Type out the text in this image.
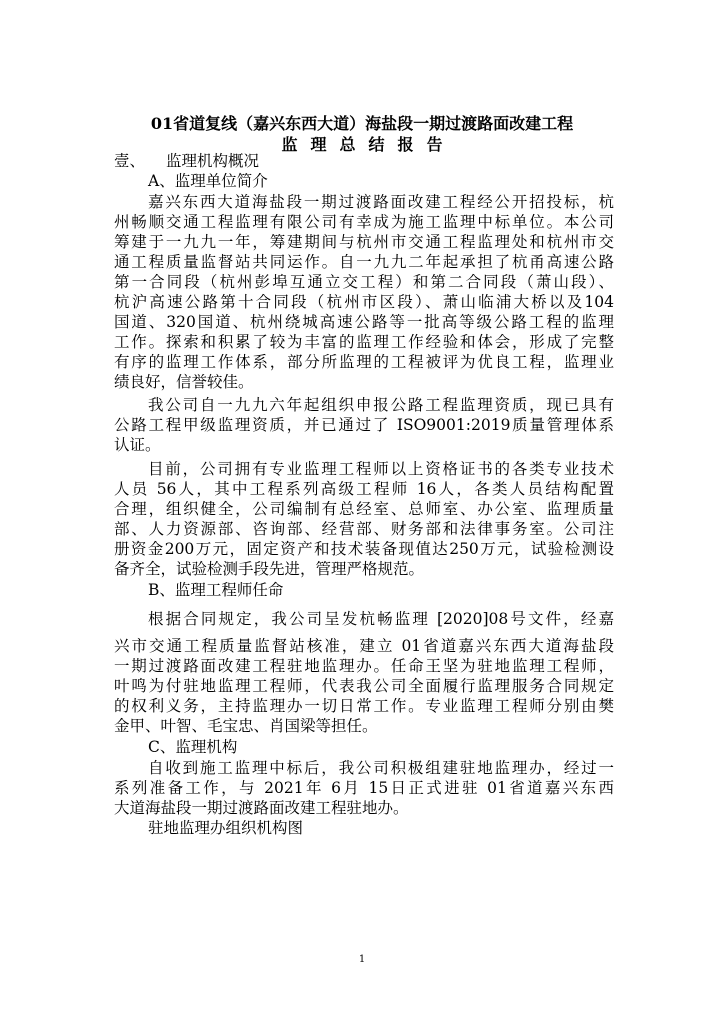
01省道复线（嘉兴东西大道）海盐段一期过渡路面改建工程
监理总结报告
壹、 监理机构概况
A、监理单位简介
嘉兴东西大道海盐段一期过渡路面改建工程经公开招投标，杭
州畅顺交通工程监理有限公司有幸成为施工监理中标单位。本公司
筹建于一九九一年，筹建期间与杭州市交通工程监理处和杭州市交
通工程质量监督站共同运作。自一九九二年起承担了杭甬高速公路
第一合同段（杭州彭埠互通立交工程）和第二合同段（萧山段）、
杭沪高速公路第十合同段（杭州市区段）、萧山临浦大桥以及104
国道、320国道、杭州绕城高速公路等一批高等级公路工程的监理
工作。探索和积累了较为丰富的监理工作经验和体会，形成了完整
有序的监理工作体系，部分所监理的工程被评为优良工程，监理业
绩良好，信誉较佳。
我公司自一九九六年起组织申报公路工程监理资质，现已具有
公路工程甲级监理资质，并已通过了 ISO9001:2019质量管理体系
认证。
目前，公司拥有专业监理工程师以上资格证书的各类专业技术
人员 56人，其中工程系列高级工程师 16人，各类人员结构配置
合理，组织健全，公司编制有总经室、总师室、办公室、监理质量
部、人力资源部、咨询部、经营部、财务部和法律事务室。公司注
册资金200万元，固定资产和技术装备现值达250万元，试验检测设
备齐全，试验检测手段先进，管理严格规范。
B、监理工程师任命
根据合同规定，我公司呈发杭畅监理 [2020]08号文件，经嘉
兴市交通工程质量监督站核准，建立 01省道嘉兴东西大道海盐段
一期过渡路面改建工程驻地监理办。任命王坚为驻地监理工程师，
叶鸣为付驻地监理工程师，代表我公司全面履行监理服务合同规定
的权利义务，主持监理办一切日常工作。专业监理工程师分别由樊
金甲、叶智、毛宝忠、肖国梁等担任。
C、监理机构
自收到施工监理中标后，我公司积极组建驻地监理办，经过一
系列准备工作，与 2021年 6月 15日正式进驻 01省道嘉兴东西
大道海盐段一期过渡路面改建工程驻地办。
驻地监理办组织机构图
1
